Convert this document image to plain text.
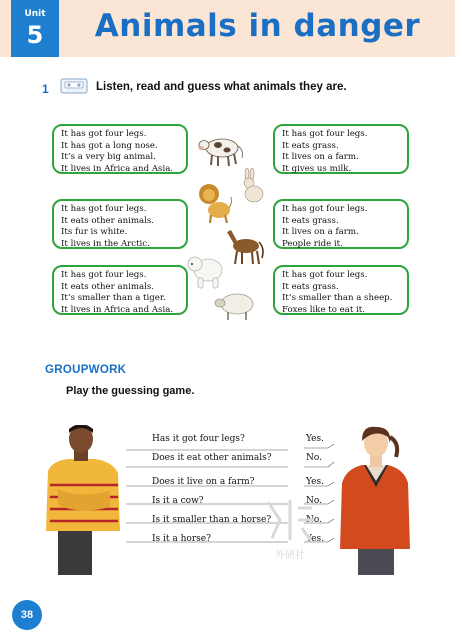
Unit
5	Animals in danger
1	Listen, read and guess what animals they are.
It has got four legs.
It has got a long nose.
It’s a very big animal.
It lives in Africa and Asia.
It has got four legs.
It eats grass.
It lives on a farm.
It gives us milk.
It has got four legs.
It eats other animals.
Its fur is white.
It lives in the Arctic.
It has got four legs.
It eats grass.
It lives on a farm.
People ride it.
It has got four legs.
It eats other animals.
It’s smaller than a tiger.
It lives in Africa and Asia.
It has got four legs.
It eats grass.
It’s smaller than a sheep.
Foxes like to eat it.
GROUPWORK
Play the guessing game.
Has it got four legs?
Does it eat other animals?
Does it live on a farm?
Is it a cow?
Is it smaller than a horse?
Is it a horse?
Yes.
No.
Yes.
No.
No.
Yes.
外研社
38
